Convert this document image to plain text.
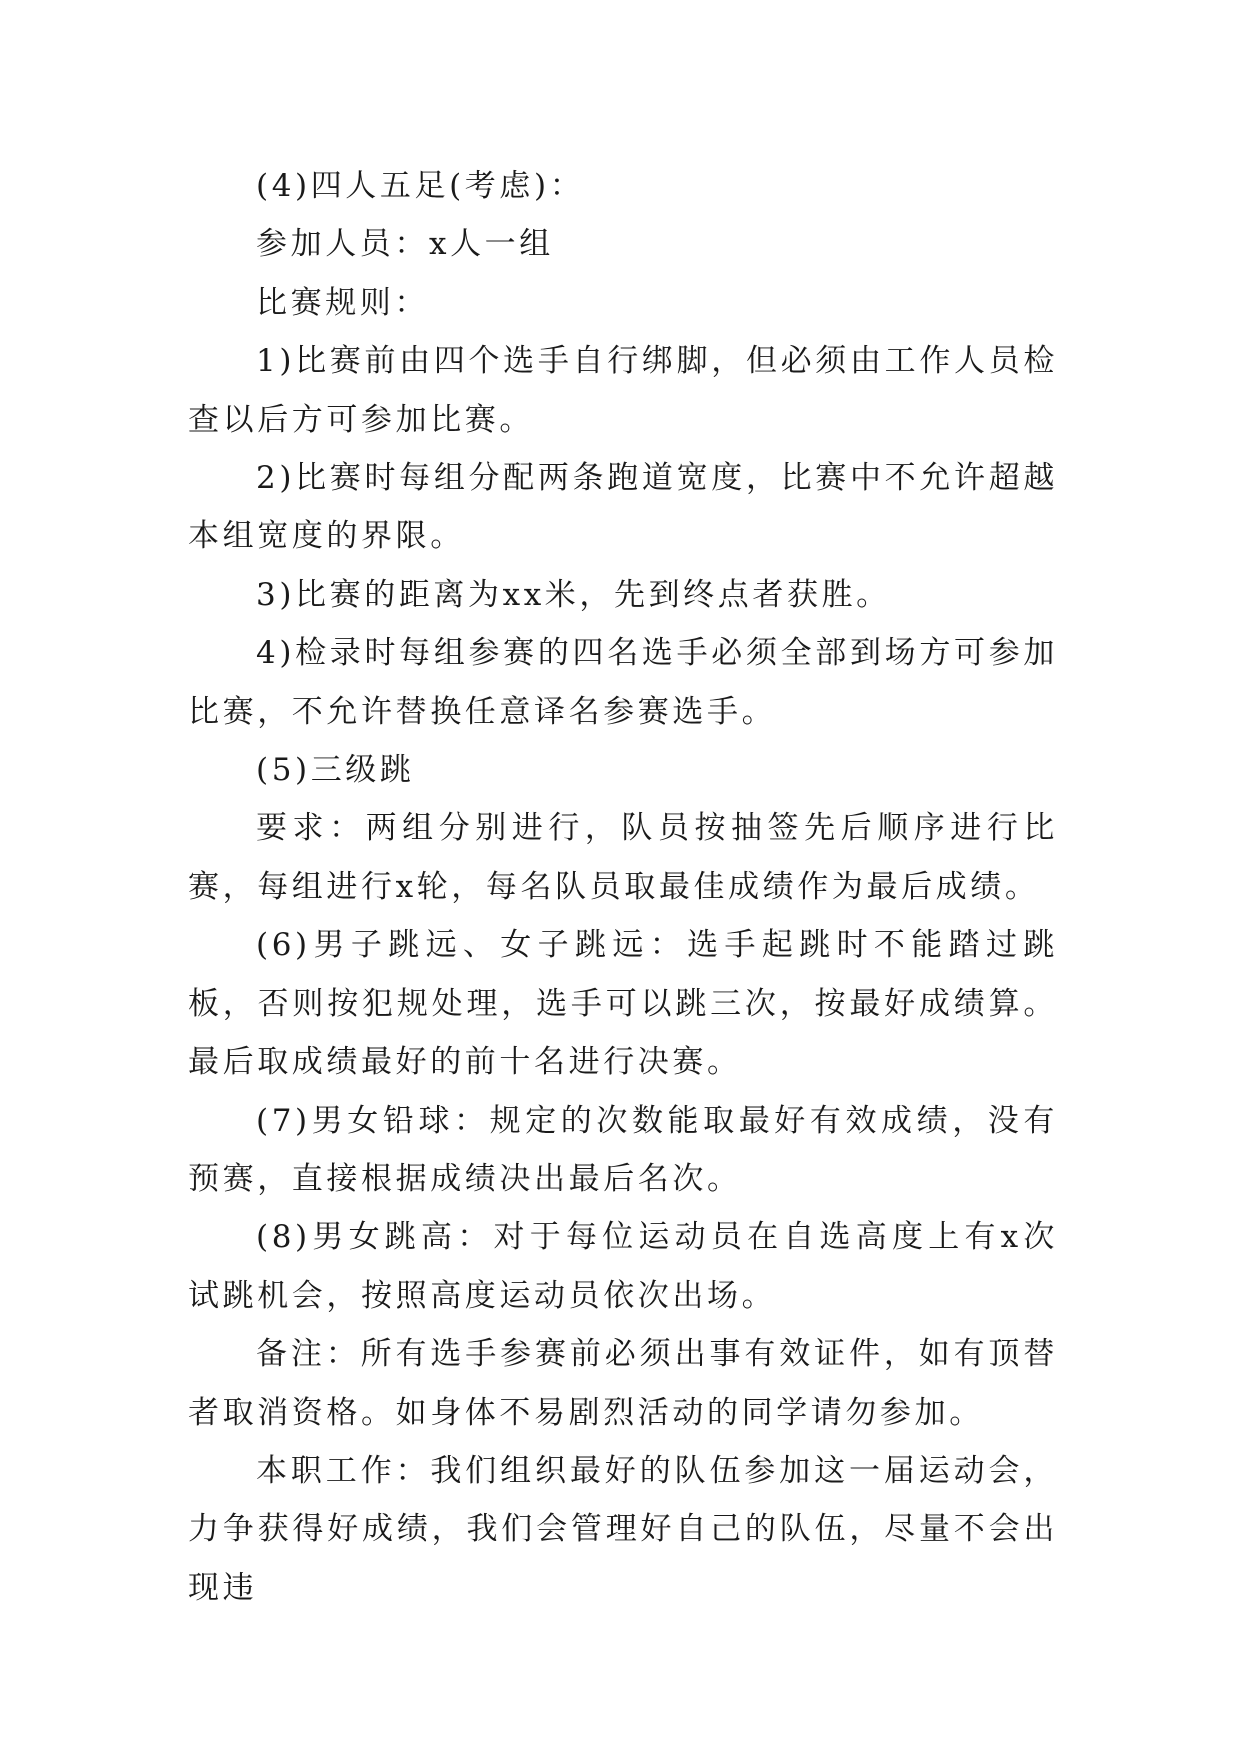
(4)四人五足(考虑)：

参加人员：x人一组

比赛规则：

1)比赛前由四个选手自行绑脚，但必须由工作人员检查以后方可参加比赛。

2)比赛时每组分配两条跑道宽度，比赛中不允许超越本组宽度的界限。

3)比赛的距离为xx米，先到终点者获胜。

4)检录时每组参赛的四名选手必须全部到场方可参加比赛，不允许替换任意译名参赛选手。

(5)三级跳

要求：两组分别进行，队员按抽签先后顺序进行比赛，每组进行x轮，每名队员取最佳成绩作为最后成绩。

(6)男子跳远、女子跳远：选手起跳时不能踏过跳板，否则按犯规处理，选手可以跳三次，按最好成绩算。最后取成绩最好的前十名进行决赛。

(7)男女铅球：规定的次数能取最好有效成绩，没有预赛，直接根据成绩决出最后名次。

(8)男女跳高：对于每位运动员在自选高度上有x次试跳机会，按照高度运动员依次出场。

备注：所有选手参赛前必须出事有效证件，如有顶替者取消资格。如身体不易剧烈活动的同学请勿参加。

本职工作：我们组织最好的队伍参加这一届运动会，力争获得好成绩，我们会管理好自己的队伍，尽量不会出现违
